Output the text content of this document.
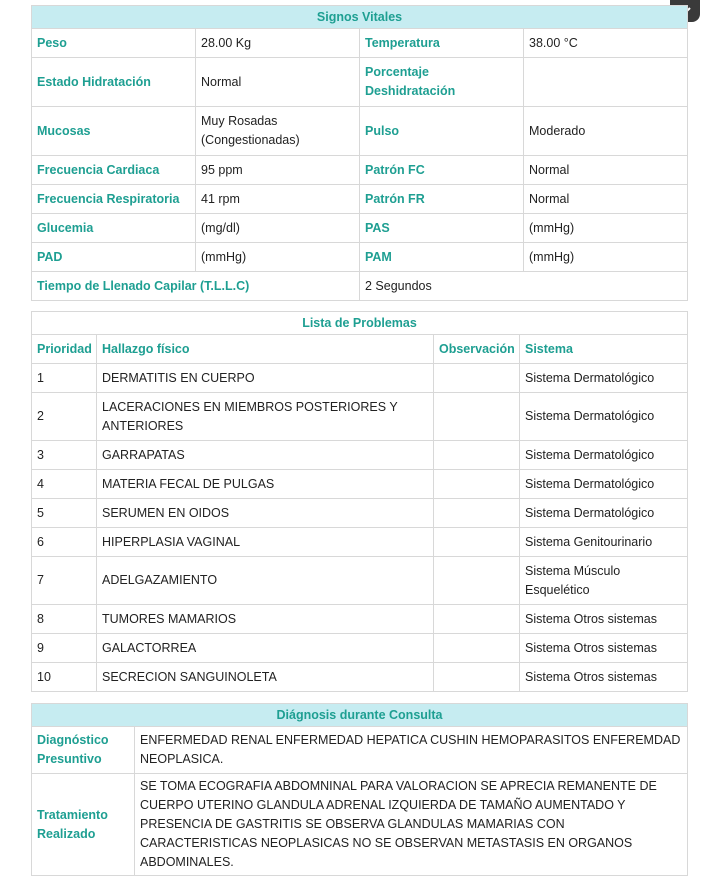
Signos Vitales			
Peso	28.00 Kg	Temperatura	38.00 °C
Estado Hidratación	Normal	Porcentaje Deshidratación	
Mucosas	Muy Rosadas (Congestionadas)	Pulso	Moderado
Frecuencia Cardiaca	95 ppm	Patrón FC	Normal
Frecuencia Respiratoria	41 rpm	Patrón FR	Normal
Glucemia	(mg/dl)	PAS	(mmHg)
PAD	(mmHg)	PAM	(mmHg)
Tiempo de Llenado Capilar (T.L.L.C)		2 Segundos	
Lista de Problemas			
Prioridad	Hallazgo físico	Observación	Sistema
1	DERMATITIS EN CUERPO		Sistema Dermatológico
2	LACERACIONES EN MIEMBROS POSTERIORES Y ANTERIORES		Sistema Dermatológico
3	GARRAPATAS		Sistema Dermatológico
4	MATERIA FECAL DE PULGAS		Sistema Dermatológico
5	SERUMEN EN OIDOS		Sistema Dermatológico
6	HIPERPLASIA VAGINAL		Sistema Genitourinario
7	ADELGAZAMIENTO		Sistema Músculo Esquelético
8	TUMORES MAMARIOS		Sistema Otros sistemas
9	GALACTORREA		Sistema Otros sistemas
10	SECRECION SANGUINOLETA		Sistema Otros sistemas
Diágnosis durante Consulta	
Diagnóstico Presuntivo	ENFERMEDAD RENAL ENFERMEDAD HEPATICA CUSHIN HEMOPARASITOS ENFEREMDAD NEOPLASICA.
Tratamiento Realizado	SE TOMA ECOGRAFIA ABDOMNINAL PARA VALORACION SE APRECIA REMANENTE DE CUERPO UTERINO GLANDULA ADRENAL IZQUIERDA DE TAMAÑO AUMENTADO Y PRESENCIA DE GASTRITIS SE OBSERVA GLANDULAS MAMARIAS CON CARACTERISTICAS NEOPLASICAS NO SE OBSERVAN METASTASIS EN ORGANOS ABDOMINALES.
